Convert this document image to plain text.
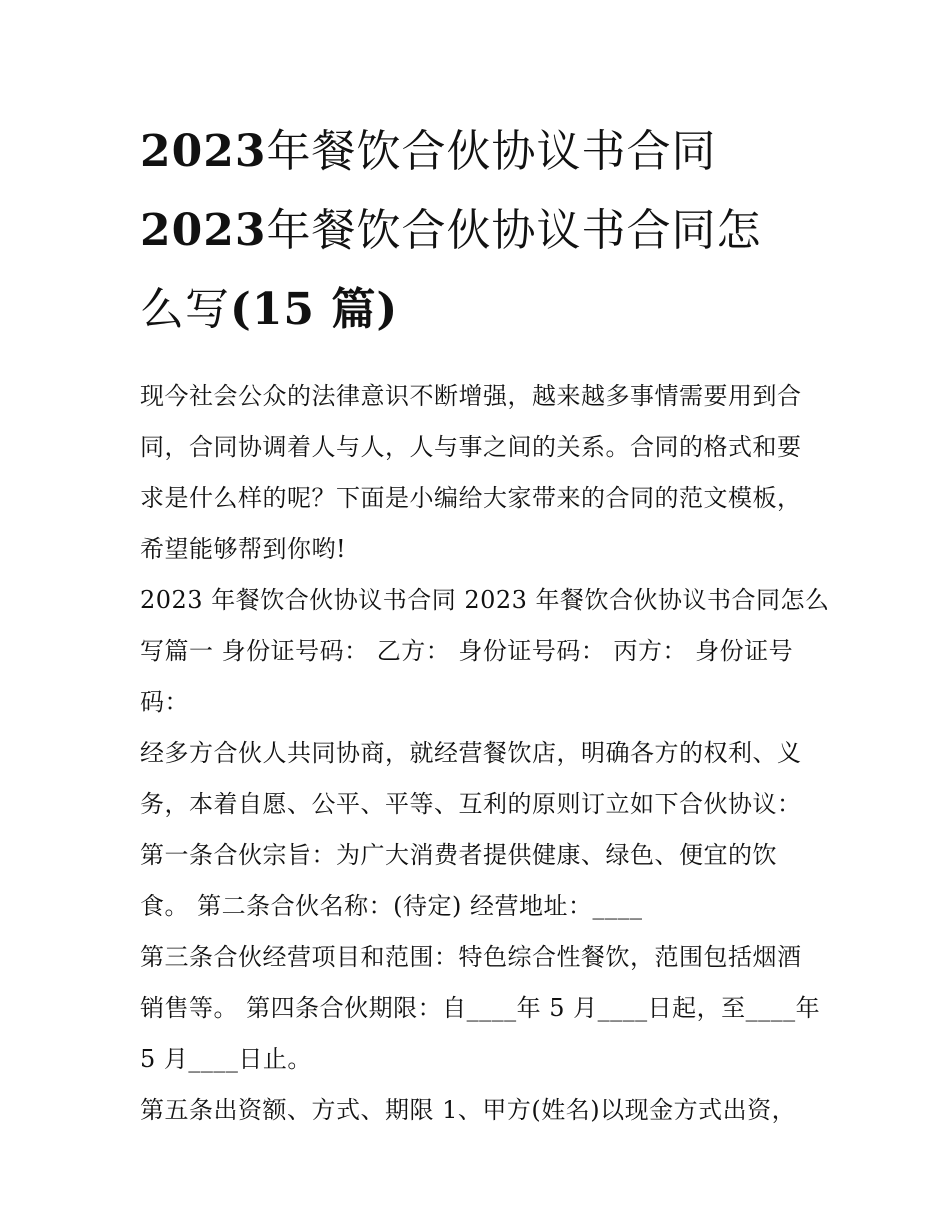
2023年餐饮合伙协议书合同
2023年餐饮合伙协议书合同怎
么写(15 篇)

现今社会公众的法律意识不断增强，越来越多事情需要用到合
同，合同协调着人与人，人与事之间的关系。合同的格式和要
求是什么样的呢？下面是小编给大家带来的合同的范文模板，
希望能够帮到你哟!

2023 年餐饮合伙协议书合同 2023 年餐饮合伙协议书合同怎么
写篇一 身份证号码： 乙方： 身份证号码： 丙方： 身份证号
码：

经多方合伙人共同协商，就经营餐饮店，明确各方的权利、义
务，本着自愿、公平、平等、互利的原则订立如下合伙协议：
第一条合伙宗旨：为广大消费者提供健康、绿色、便宜的饮
食。 第二条合伙名称：(待定) 经营地址：____

第三条合伙经营项目和范围：特色综合性餐饮，范围包括烟酒
销售等。 第四条合伙期限：自____年 5 月____日起，至____年
5 月____日止。

第五条出资额、方式、期限 1、甲方(姓名)以现金方式出资，
